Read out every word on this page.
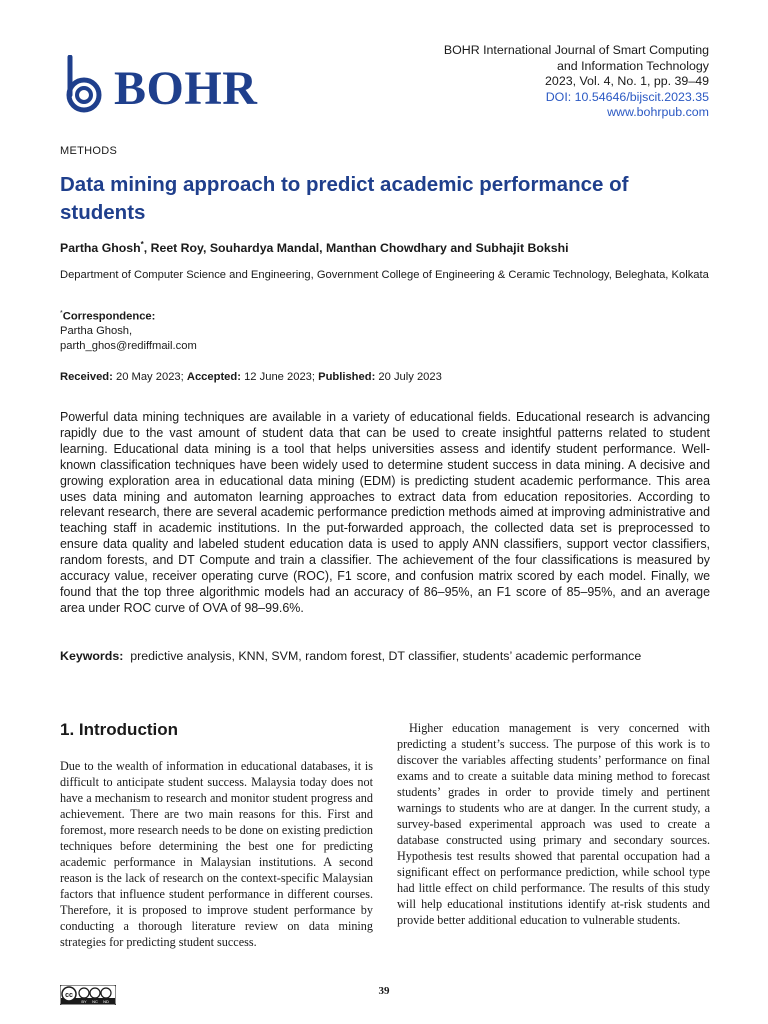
BOHR
BOHR International Journal of Smart Computing
and Information Technology
2023, Vol. 4, No. 1, pp. 39–49
DOI: 10.54646/bijscit.2023.35
www.bohrpub.com
METHODS
Data mining approach to predict academic performance of students
Partha Ghosh*, Reet Roy, Souhardya Mandal, Manthan Chowdhary and Subhajit Bokshi
Department of Computer Science and Engineering, Government College of Engineering & Ceramic Technology, Beleghata, Kolkata
*Correspondence:
Partha Ghosh,
parth_ghos@rediffmail.com
Received: 20 May 2023; Accepted: 12 June 2023; Published: 20 July 2023

Powerful data mining techniques are available in a variety of educational fields. Educational research is advancing rapidly due to the vast amount of student data that can be used to create insightful patterns related to student learning. Educational data mining is a tool that helps universities assess and identify student performance. Well-known classification techniques have been widely used to determine student success in data mining. A decisive and growing exploration area in educational data mining (EDM) is predicting student academic performance. This area uses data mining and automaton learning approaches to extract data from education repositories. According to relevant research, there are several academic performance prediction methods aimed at improving administrative and teaching staff in academic institutions. In the put-forwarded approach, the collected data set is preprocessed to ensure data quality and labeled student education data is used to apply ANN classifiers, support vector classifiers, random forests, and DT Compute and train a classifier. The achievement of the four classifications is measured by accuracy value, receiver operating curve (ROC), F1 score, and confusion matrix scored by each model. Finally, we found that the top three algorithmic models had an accuracy of 86–95%, an F1 score of 85–95%, and an average area under ROC curve of OVA of 98–99.6%.

Keywords: predictive analysis, KNN, SVM, random forest, DT classifier, students’ academic performance
1. Introduction

Due to the wealth of information in educational databases, it is difficult to anticipate student success. Malaysia today does not have a mechanism to research and monitor student progress and achievement. There are two main reasons for this. First and foremost, more research needs to be done on existing prediction techniques before determining the best one for predicting academic performance in Malaysian institutions. A second reason is the lack of research on the context-specific Malaysian factors that influence student performance in different courses. Therefore, it is proposed to improve student performance by conducting a thorough literature review on data mining strategies for predicting student success.

Higher education management is very concerned with predicting a student’s success. The purpose of this work is to discover the variables affecting students’ performance on final exams and to create a suitable data mining method to forecast students’ grades in order to provide timely and pertinent warnings to students who are at danger. In the current study, a survey-based experimental approach was used to create a database constructed using primary and secondary sources. Hypothesis test results showed that parental occupation had a significant effect on performance prediction, while school type had little effect on child performance. The results of this study will help educational institutions identify at-risk students and provide better additional education to vulnerable students.

cc
BY NC ND
39
